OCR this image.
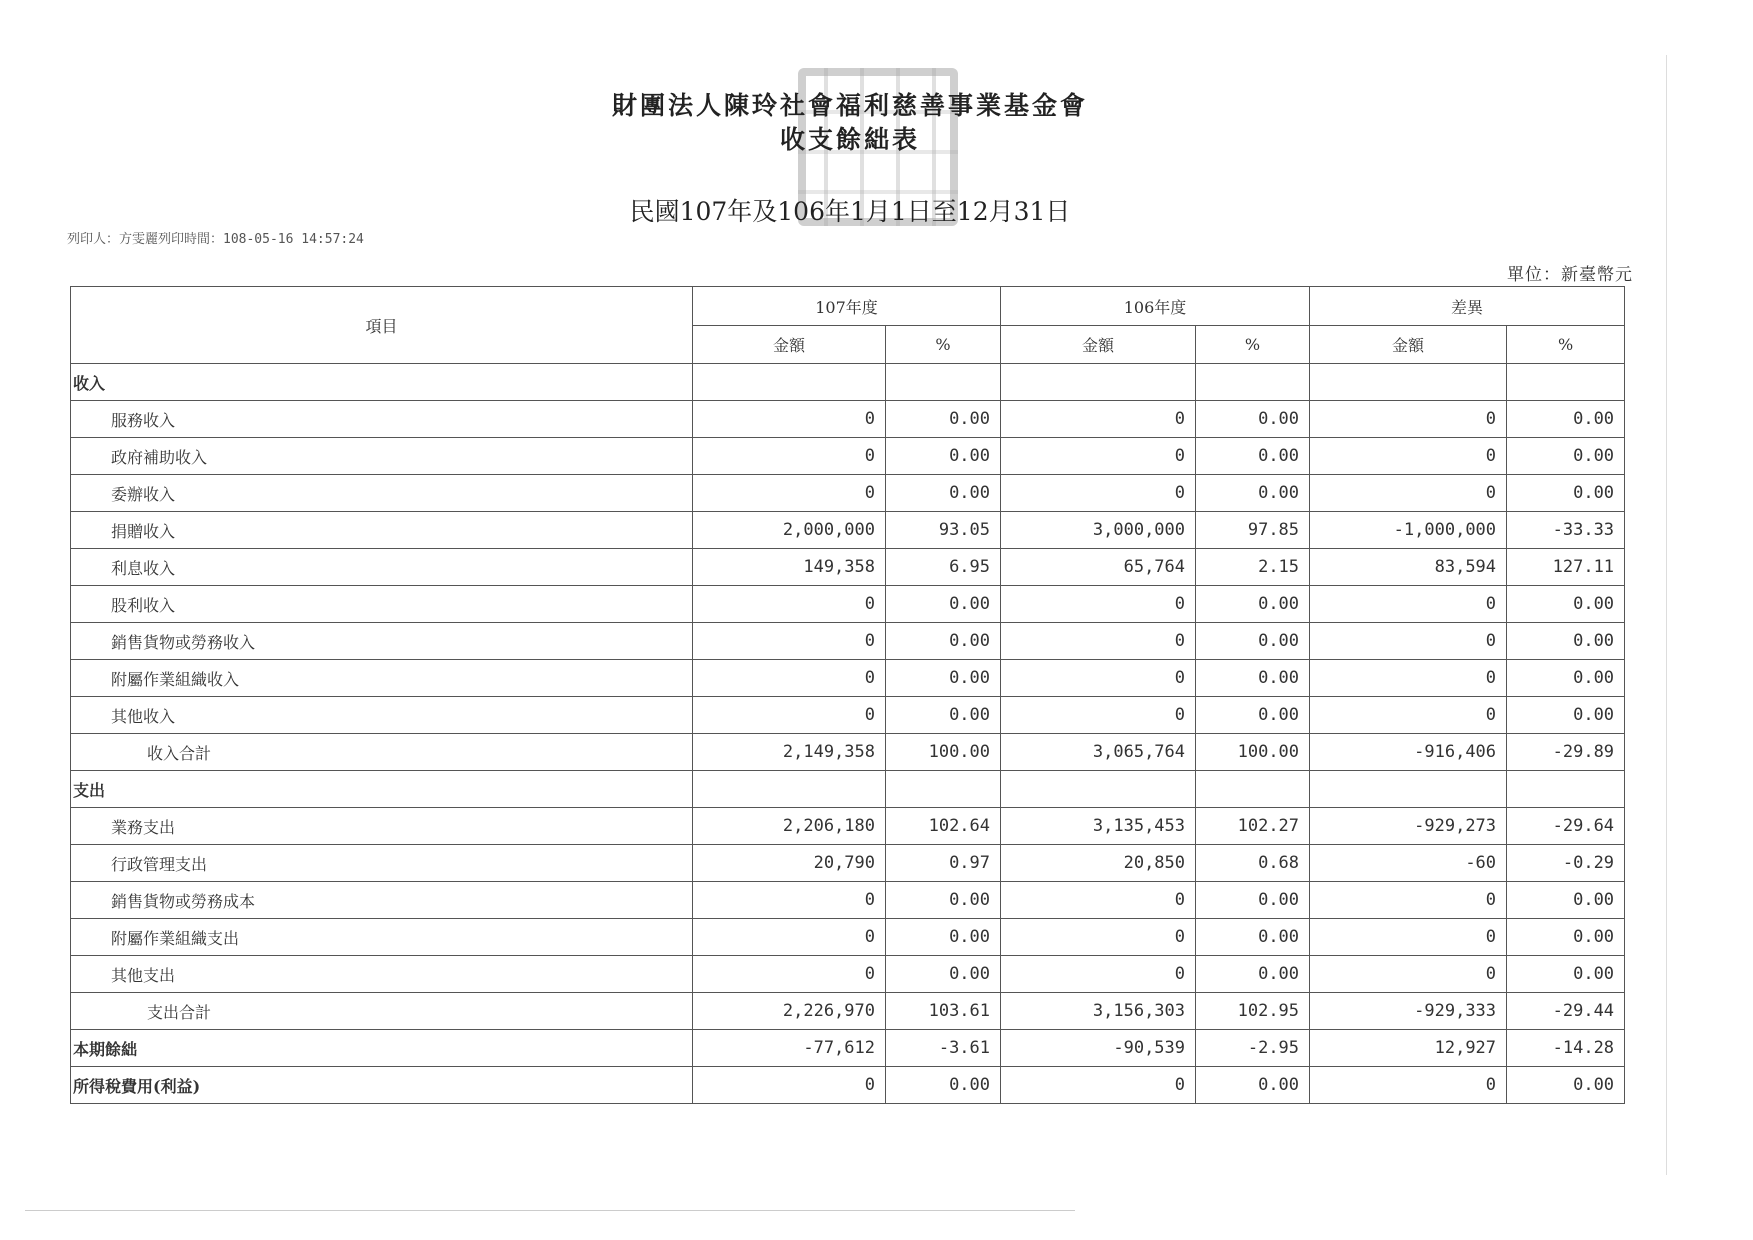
財團法人陳玲社會福利慈善事業基金會
收支餘絀表
民國107年及106年1月1日至12月31日
列印人：方雯麗列印時間：108-05-16 14:57:24
單位：新臺幣元
項目	107年度		106年度		差異	
	金額	%	金額	%	金額	%
收入						
服務收入	0	0.00	0	0.00	0	0.00
政府補助收入	0	0.00	0	0.00	0	0.00
委辦收入	0	0.00	0	0.00	0	0.00
捐贈收入	2,000,000	93.05	3,000,000	97.85	-1,000,000	-33.33
利息收入	149,358	6.95	65,764	2.15	83,594	127.11
股利收入	0	0.00	0	0.00	0	0.00
銷售貨物或勞務收入	0	0.00	0	0.00	0	0.00
附屬作業組織收入	0	0.00	0	0.00	0	0.00
其他收入	0	0.00	0	0.00	0	0.00
收入合計	2,149,358	100.00	3,065,764	100.00	-916,406	-29.89
支出						
業務支出	2,206,180	102.64	3,135,453	102.27	-929,273	-29.64
行政管理支出	20,790	0.97	20,850	0.68	-60	-0.29
銷售貨物或勞務成本	0	0.00	0	0.00	0	0.00
附屬作業組織支出	0	0.00	0	0.00	0	0.00
其他支出	0	0.00	0	0.00	0	0.00
支出合計	2,226,970	103.61	3,156,303	102.95	-929,333	-29.44
本期餘絀	-77,612	-3.61	-90,539	-2.95	12,927	-14.28
所得稅費用(利益)	0	0.00	0	0.00	0	0.00
